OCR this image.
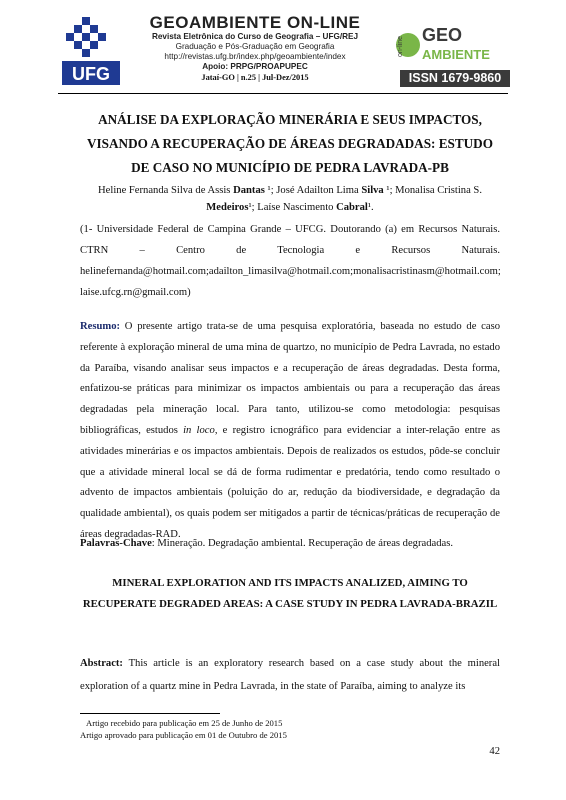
UFG
GEOAMBIENTE ON-LINE
Revista Eletrônica do Curso de Geografia – UFG/REJ
Graduação e Pós-Graduação em Geografia
http://revistas.ufg.br/index.php/geoambiente/index
Apoio: PRPG/PROAPUPEC
Jataí-GO | n.25 | Jul-Dez/2015
on-line
GEO
AMBIENTE
ISSN 1679-9860
ANÁLISE DA EXPLORAÇÃO MINERÁRIA E SEUS IMPACTOS, VISANDO A RECUPERAÇÃO DE ÁREAS DEGRADADAS: ESTUDO DE CASO NO MUNICÍPIO DE PEDRA LAVRADA-PB
Heline Fernanda Silva de Assis Dantas ¹; José Adailton Lima Silva ¹; Monalisa Cristina S. Medeiros¹; Laíse Nascimento Cabral¹.
(1- Universidade Federal de Campina Grande – UFCG. Doutorando (a) em Recursos Naturais. CTRN – Centro de Tecnologia e Recursos Naturais. helinefernanda@hotmail.com;adailton_limasilva@hotmail.com;monalisacristinasm@hotmail.com; laise.ufcg.rn@gmail.com)
Resumo: O presente artigo trata-se de uma pesquisa exploratória, baseada no estudo de caso referente à exploração mineral de uma mina de quartzo, no município de Pedra Lavrada, no estado da Paraíba, visando analisar seus impactos e a recuperação de áreas degradadas. Desta forma, enfatizou-se práticas para minimizar os impactos ambientais ou para a recuperação das áreas degradadas pela mineração local. Para tanto, utilizou-se como metodologia: pesquisas bibliográficas, estudos in loco, e registro icnográfico para evidenciar a inter-relação entre as atividades minerárias e os impactos ambientais. Depois de realizados os estudos, pôde-se concluir que a atividade mineral local se dá de forma rudimentar e predatória, tendo como resultado o advento de impactos ambientais (poluição do ar, redução da biodiversidade, e degradação da qualidade ambiental), os quais podem ser mitigados a partir de técnicas/práticas de recuperação de áreas degradadas-RAD.
Palavras-Chave: Mineração. Degradação ambiental. Recuperação de áreas degradadas.
MINERAL EXPLORATION AND ITS IMPACTS ANALIZED, AIMING TO RECUPERATE DEGRADED AREAS: A CASE STUDY IN PEDRA LAVRADA-BRAZIL
Abstract: This article is an exploratory research based on a case study about the mineral exploration of a quartz mine in Pedra Lavrada, in the state of Paraíba, aiming to analyze its
Artigo recebido para publicação em 25 de Junho de 2015
Artigo aprovado para publicação em 01 de Outubro de 2015
42
